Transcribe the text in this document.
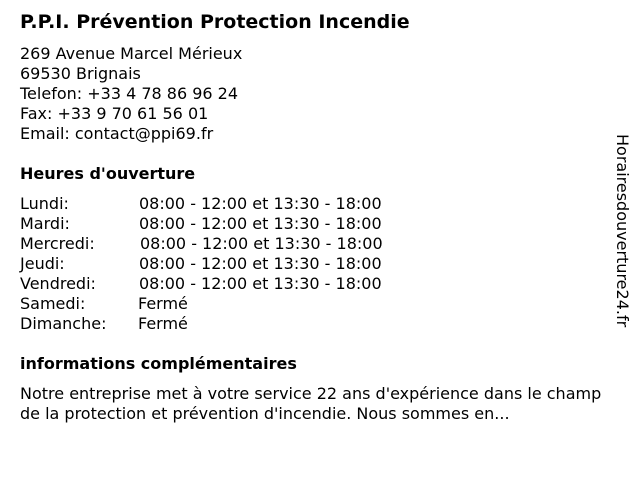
P.P.I. Prévention Protection Incendie
269 Avenue Marcel Mérieux
69530 Brignais
Telefon: +33 4 78 86 96 24
Fax: +33 9 70 61 56 01
Email: contact@ppi69.fr
Heures d'ouverture
Lundi:	08:00 - 12:00 et 13:30 - 18:00
Mardi:	08:00 - 12:00 et 13:30 - 18:00
Mercredi:	08:00 - 12:00 et 13:30 - 18:00
Jeudi:	08:00 - 12:00 et 13:30 - 18:00
Vendredi:	08:00 - 12:00 et 13:30 - 18:00
Samedi:	Fermé
Dimanche: Fermé
informations complémentaires
Notre entreprise met à votre service 22 ans d'expérience dans le champ de la protection et prévention d'incendie. Nous sommes en...
Horairesdouverture24.fr
